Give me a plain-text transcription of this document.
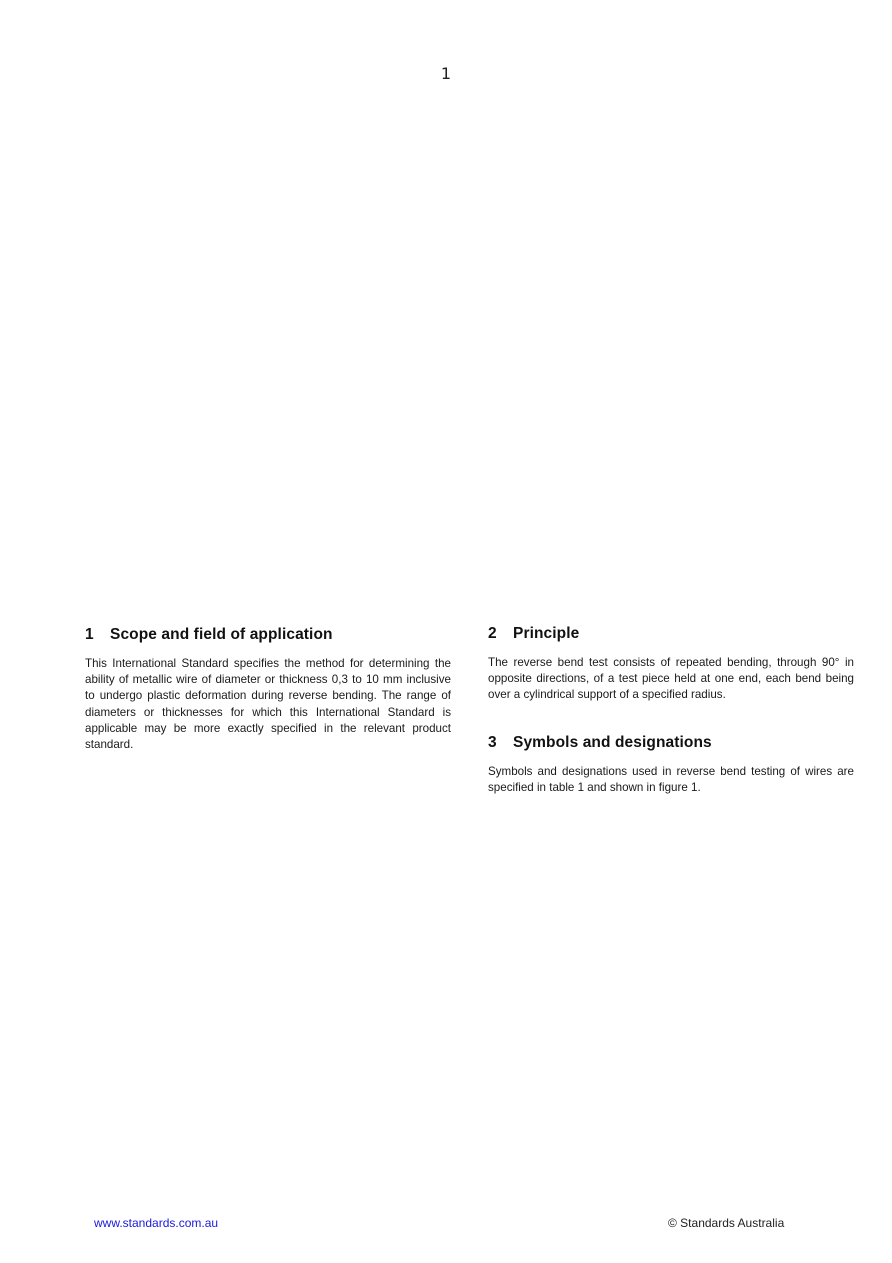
1
1 Scope and field of application

This International Standard specifies the method for determining the ability of metallic wire of diameter or thickness 0,3 to 10 mm inclusive to undergo plastic deformation during reverse bending. The range of diameters or thicknesses for which this International Standard is applicable may be more exactly specified in the relevant product standard.

2 Principle

The reverse bend test consists of repeated bending, through 90° in opposite directions, of a test piece held at one end, each bend being over a cylindrical support of a specified radius.

3 Symbols and designations

Symbols and designations used in reverse bend testing of wires are specified in table 1 and shown in figure 1.

www.standards.com.au	© Standards Australia
